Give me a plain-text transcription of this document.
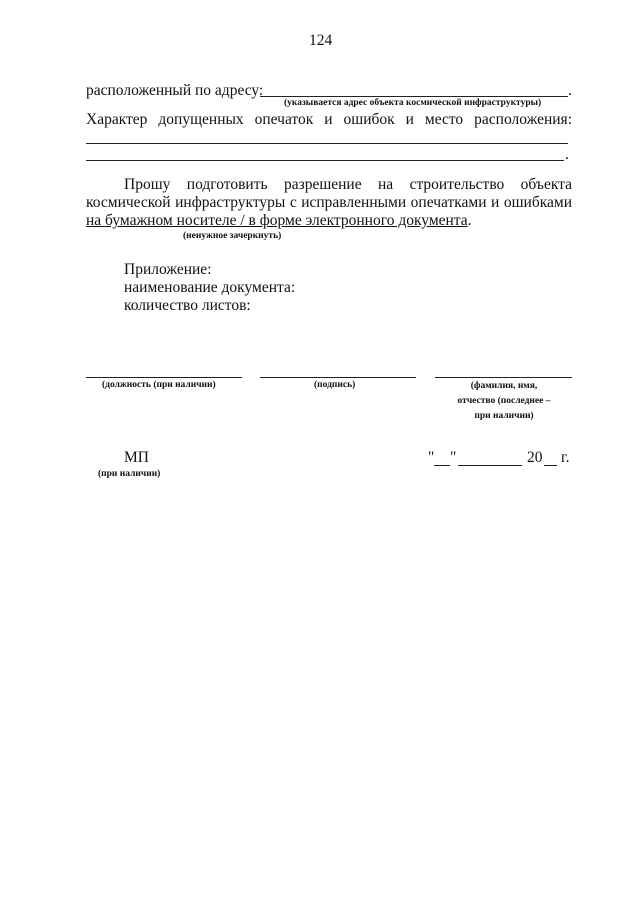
124
расположенный по адресу:	.
(указывается адрес объекта космической инфраструктуры)
Характер допущенных опечаток и ошибок и место расположения:
.
Прошу подготовить разрешение на строительство объекта
космической инфраструктуры с исправленными опечатками и ошибками
на бумажном носителе / в форме электронного документа.
(ненужное зачеркнуть)
Приложение:
наименование документа:
количество листов:
(должность (при наличии)	(подпись)	(фамилия, имя,
отчество (последнее –
при наличии)
МП
(при наличии)
" "	20 г.
